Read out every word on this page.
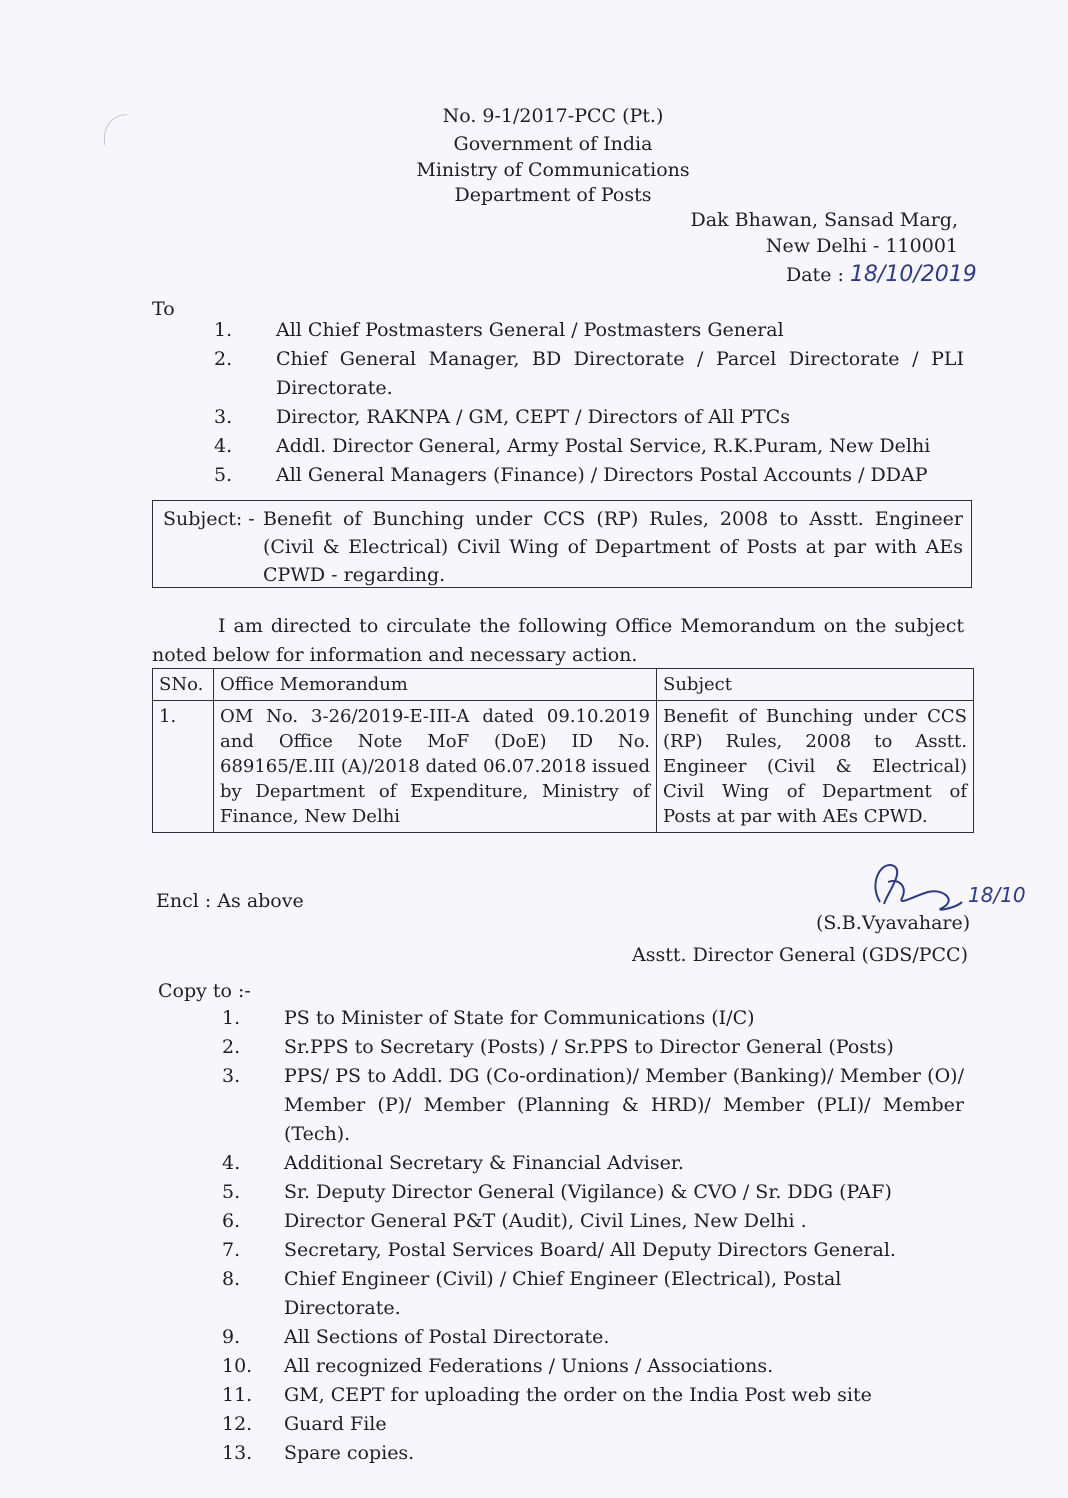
No. 9-1/2017-PCC (Pt.)
Government of India
Ministry of Communications
Department of Posts
Dak Bhawan, Sansad Marg,
New Delhi - 110001
Date : 18/10/2019
To
1. All Chief Postmasters General / Postmasters General
2. Chief General Manager, BD Directorate / Parcel Directorate / PLI Directorate.
3. Director, RAKNPA / GM, CEPT / Directors of All PTCs
4. Addl. Director General, Army Postal Service, R.K.Puram, New Delhi
5. All General Managers (Finance) / Directors Postal Accounts / DDAP
Subject: - Benefit of Bunching under CCS (RP) Rules, 2008 to Asstt. Engineer (Civil & Electrical) Civil Wing of Department of Posts at par with AEs CPWD - regarding.
I am directed to circulate the following Office Memorandum on the subject noted below for information and necessary action.
SNo.	Office Memorandum	Subject
1.	OM No. 3-26/2019-E-III-A dated 09.10.2019 and Office Note MoF (DoE) ID No. 689165/E.III (A)/2018 dated 06.07.2018 issued by Department of Expenditure, Ministry of Finance, New Delhi	Benefit of Bunching under CCS (RP) Rules, 2008 to Asstt. Engineer (Civil & Electrical) Civil Wing of Department of Posts at par with AEs CPWD.
Encl : As above	18/10
(S.B.Vyavahare)
Asstt. Director General (GDS/PCC)
Copy to :-
1. PS to Minister of State for Communications (I/C)
2. Sr.PPS to Secretary (Posts) / Sr.PPS to Director General (Posts)
3. PPS/ PS to Addl. DG (Co-ordination)/ Member (Banking)/ Member (O)/ Member (P)/ Member (Planning & HRD)/ Member (PLI)/ Member (Tech).
4. Additional Secretary & Financial Adviser.
5. Sr. Deputy Director General (Vigilance) & CVO / Sr. DDG (PAF)
6. Director General P&T (Audit), Civil Lines, New Delhi .
7. Secretary, Postal Services Board/ All Deputy Directors General.
8. Chief Engineer (Civil) / Chief Engineer (Electrical), Postal Directorate.
9. All Sections of Postal Directorate.
10. All recognized Federations / Unions / Associations.
11. GM, CEPT for uploading the order on the India Post web site
12. Guard File
13. Spare copies.
